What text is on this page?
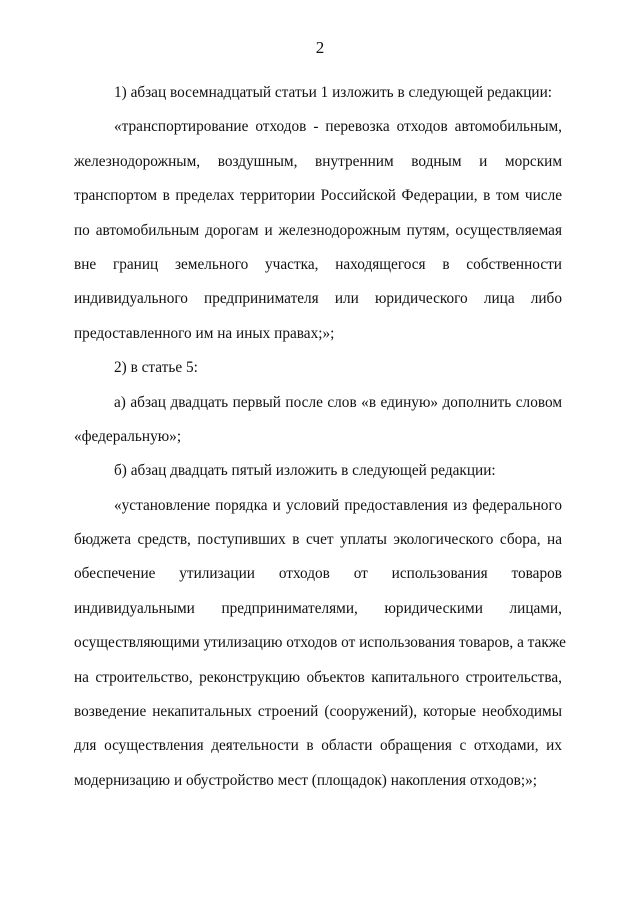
2
1) абзац восемнадцатый статьи 1 изложить в следующей редакции:
«транспортирование отходов - перевозка отходов автомобильным,
железнодорожным, воздушным, внутренним водным и морским
транспортом в пределах территории Российской Федерации, в том числе
по автомобильным дорогам и железнодорожным путям, осуществляемая
вне границ земельного участка, находящегося в собственности
индивидуального предпринимателя или юридического лица либо
предоставленного им на иных правах;»;
2) в статье 5:
а) абзац двадцать первый после слов «в единую» дополнить словом
«федеральную»;
б) абзац двадцать пятый изложить в следующей редакции:
«установление порядка и условий предоставления из федерального
бюджета средств, поступивших в счет уплаты экологического сбора, на
обеспечение утилизации отходов от использования товаров
индивидуальными предпринимателями, юридическими лицами,
осуществляющими утилизацию отходов от использования товаров, а также
на строительство, реконструкцию объектов капитального строительства,
возведение некапитальных строений (сооружений), которые необходимы
для осуществления деятельности в области обращения с отходами, их
модернизацию и обустройство мест (площадок) накопления отходов;»;
